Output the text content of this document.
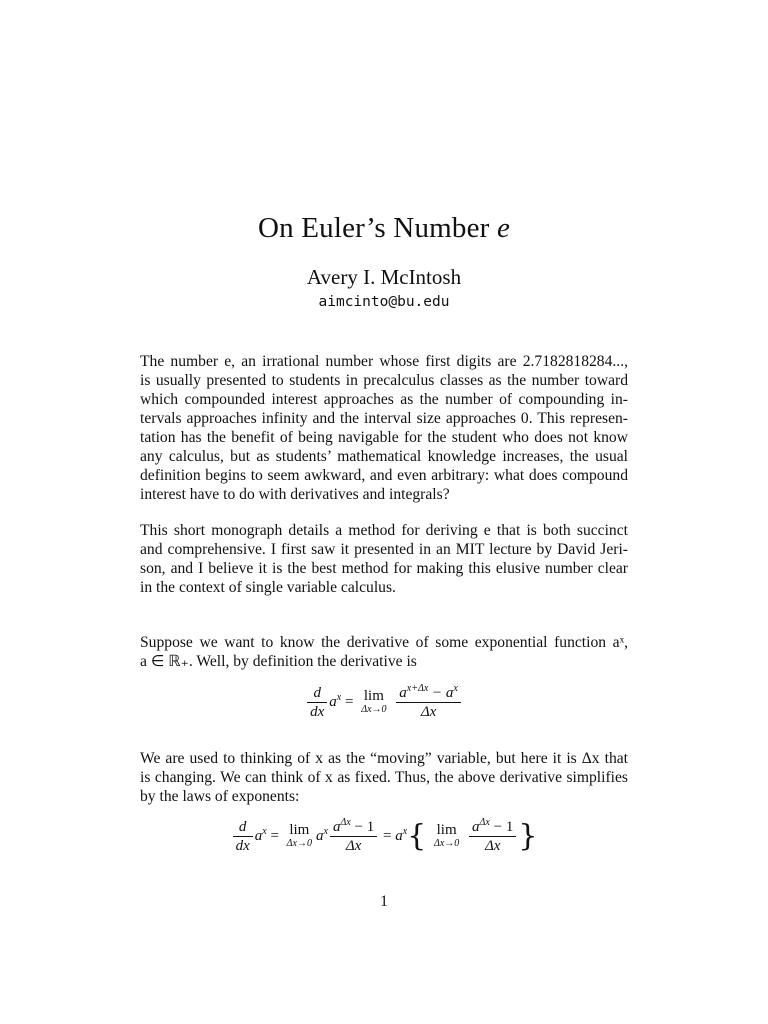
On Euler’s Number e
Avery I. McIntosh
aimcinto@bu.edu
The number e, an irrational number whose first digits are 2.7182818284...,
is usually presented to students in precalculus classes as the number toward
which compounded interest approaches as the number of compounding in-
tervals approaches infinity and the interval size approaches 0. This represen-
tation has the benefit of being navigable for the student who does not know
any calculus, but as students’ mathematical knowledge increases, the usual
definition begins to seem awkward, and even arbitrary: what does compound
interest have to do with derivatives and integrals?
This short monograph details a method for deriving e that is both succinct
and comprehensive. I first saw it presented in an MIT lecture by David Jeri-
son, and I believe it is the best method for making this elusive number clear
in the context of single variable calculus.
Suppose we want to know the derivative of some exponential function aˣ,
a ∈ ℝ₊. Well, by definition the derivative is
$\frac{d}{dx} a^x = \lim$
Δx→0
$\frac{a^{x+\Delta x} - a^x}{\Delta x}$
We are used to thinking of x as the “moving” variable, but here it is Δx that
is changing. We can think of x as fixed. Thus, the above derivative simplifies
by the laws of exponents:
$\frac{d}{dx} a^x = \lim$
Δx→0 $a^x \frac{a^{\Delta x} - 1}{\Delta x} = a^x${ lim
Δx→0
$\frac{a^{\Delta x} - 1}{\Delta x}$ }
1
